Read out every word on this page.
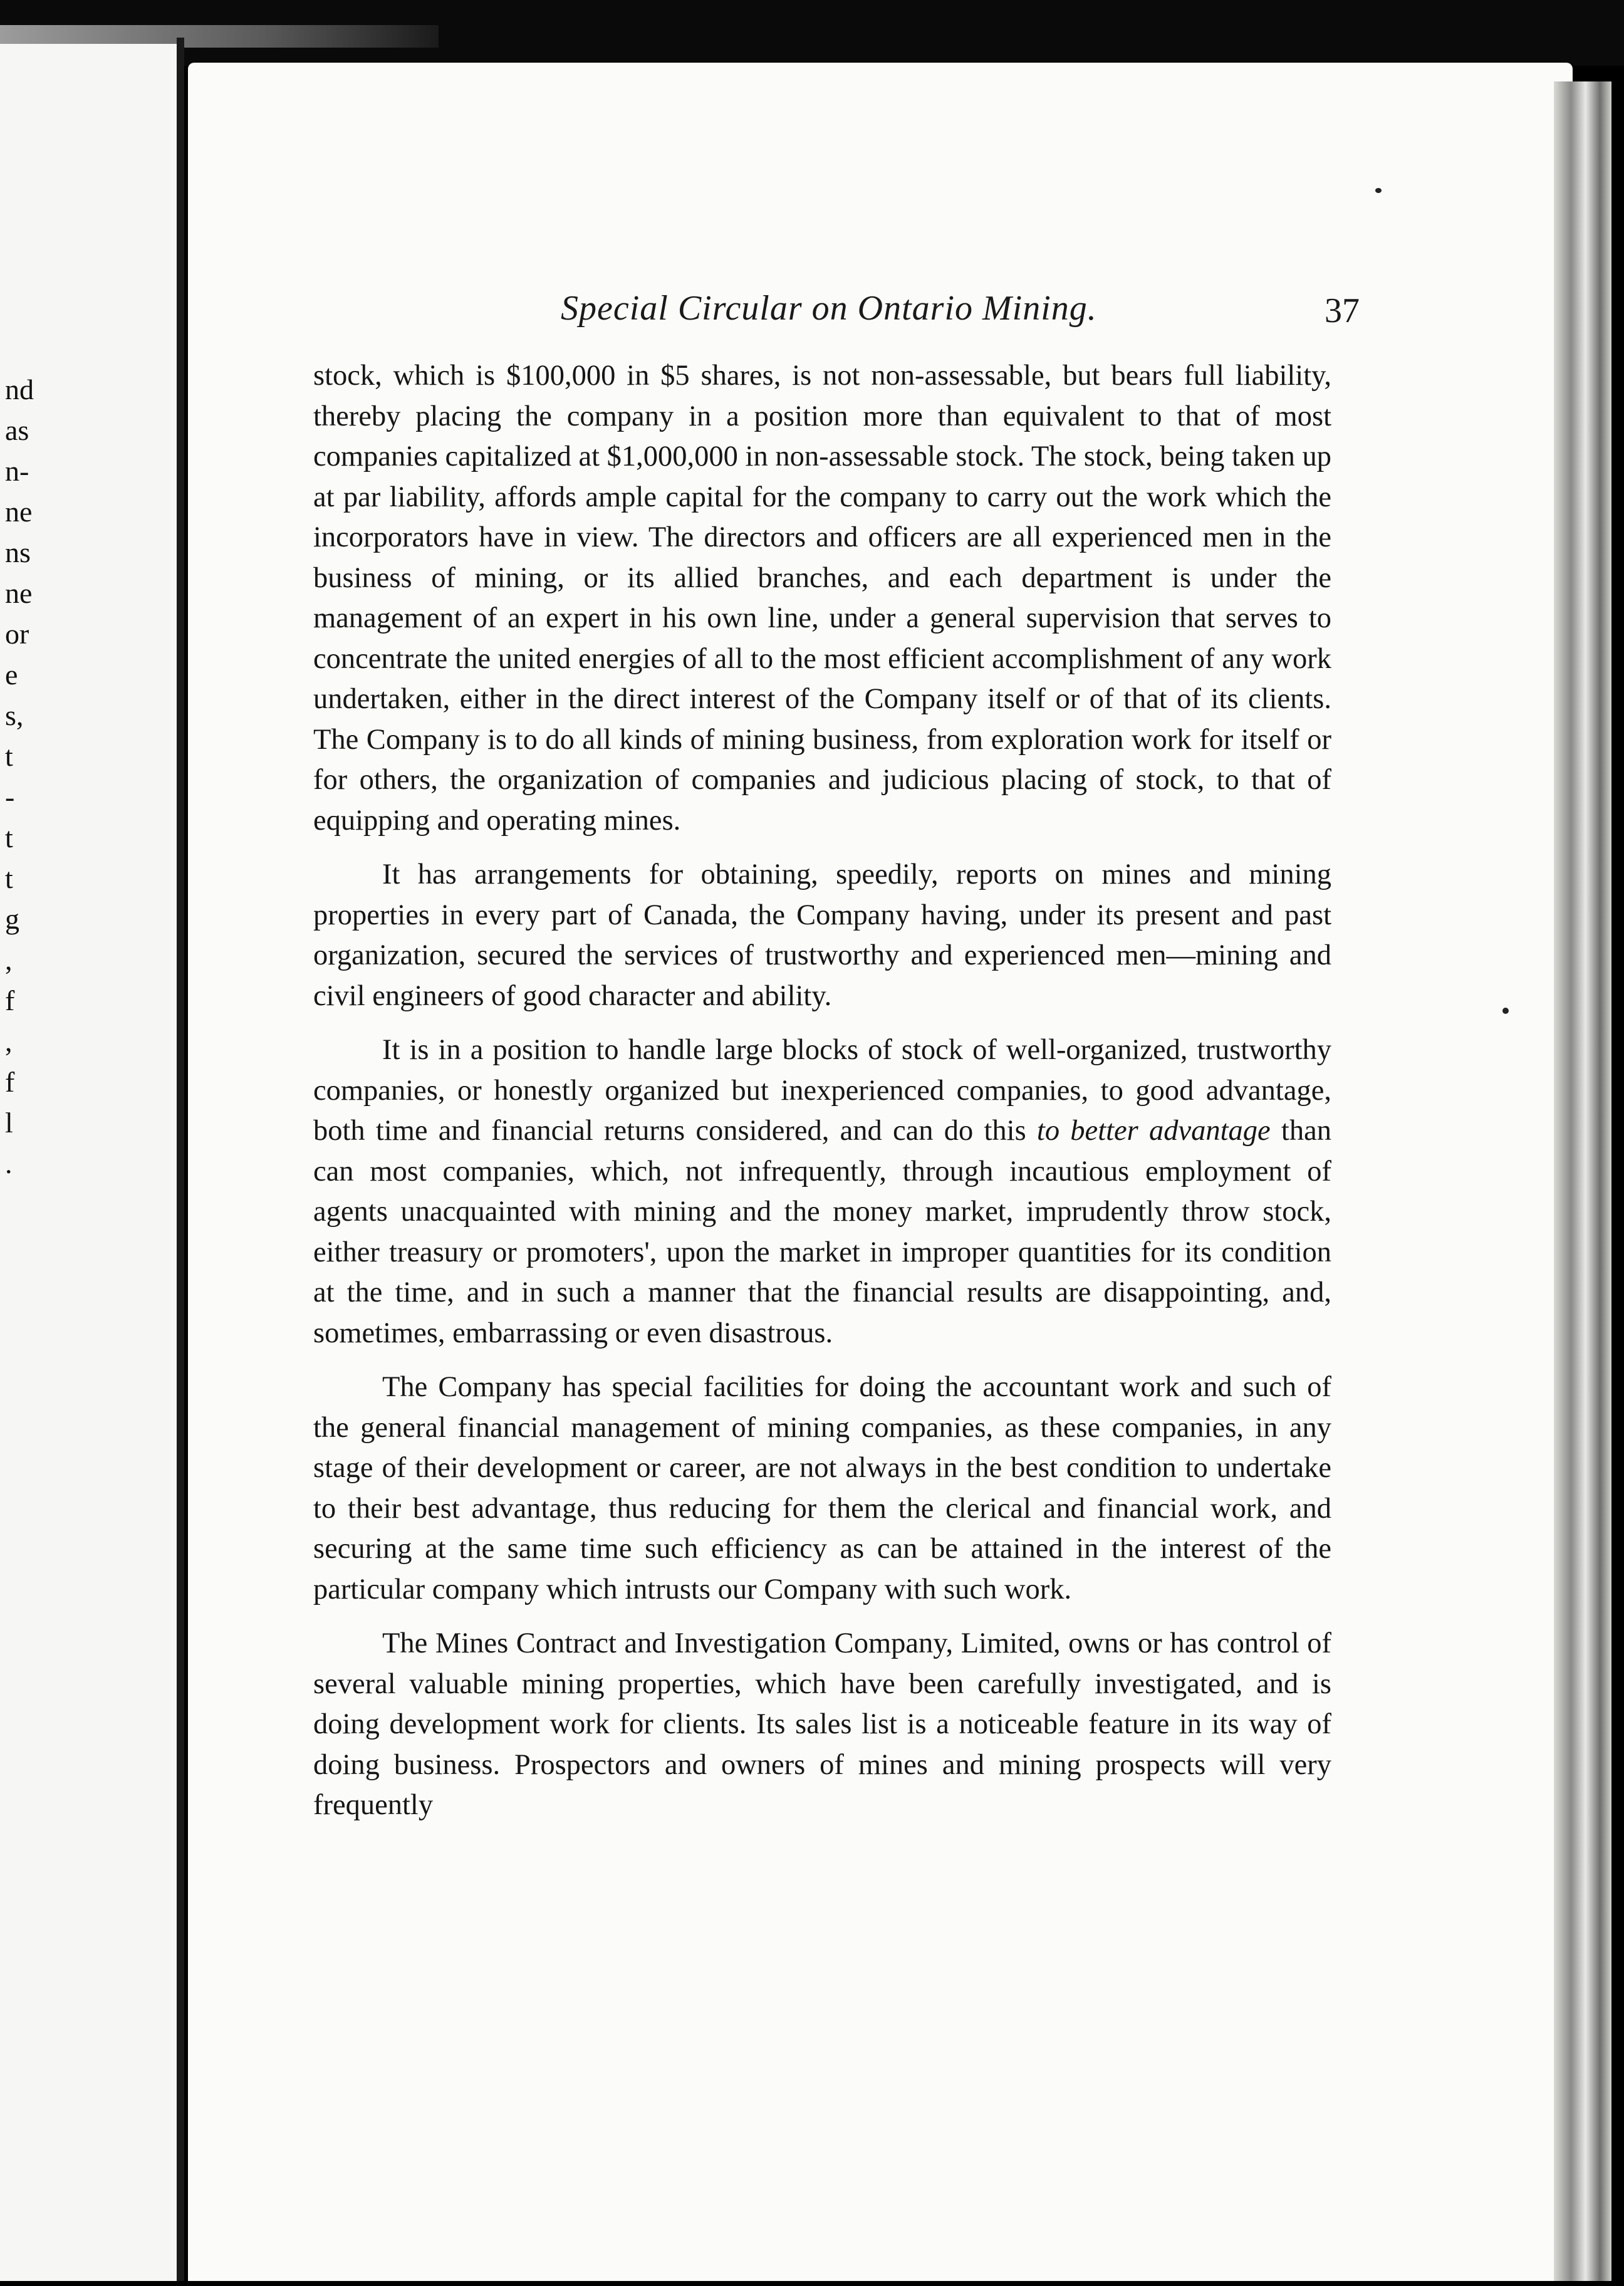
nd
as
n-
ne
ns
ne
or
e
s,
t
-
t
t
g
,
f
,
f
l
.
Special Circular on Ontario Mining.	37

stock, which is $100,000 in $5 shares, is not non-assessable, but bears full liability, thereby placing the company in a position more than equivalent to that of most companies capitalized at $1,000,000 in non-assessable stock. The stock, being taken up at par liability, affords ample capital for the company to carry out the work which the incorporators have in view. The directors and officers are all experienced men in the business of mining, or its allied branches, and each department is under the management of an expert in his own line, under a general supervision that serves to concentrate the united energies of all to the most efficient accomplishment of any work undertaken, either in the direct interest of the Company itself or of that of its clients. The Company is to do all kinds of mining business, from exploration work for itself or for others, the organization of companies and judicious placing of stock, to that of equipping and operating mines.

It has arrangements for obtaining, speedily, reports on mines and mining properties in every part of Canada, the Company having, under its present and past organization, secured the services of trustworthy and experienced men—mining and civil engineers of good character and ability.

It is in a position to handle large blocks of stock of well-organized, trustworthy companies, or honestly organized but inexperienced companies, to good advantage, both time and financial returns considered, and can do this to better advantage than can most companies, which, not infrequently, through incautious employment of agents unacquainted with mining and the money market, imprudently throw stock, either treasury or promoters', upon the market in improper quantities for its condition at the time, and in such a manner that the financial results are disappointing, and, sometimes, embarrassing or even disastrous.

The Company has special facilities for doing the accountant work and such of the general financial management of mining companies, as these companies, in any stage of their development or career, are not always in the best condition to undertake to their best advantage, thus reducing for them the clerical and financial work, and securing at the same time such efficiency as can be attained in the interest of the particular company which intrusts our Company with such work.

The Mines Contract and Investigation Company, Limited, owns or has control of several valuable mining properties, which have been carefully investigated, and is doing development work for clients. Its sales list is a noticeable feature in its way of doing business. Prospectors and owners of mines and mining prospects will very frequently
